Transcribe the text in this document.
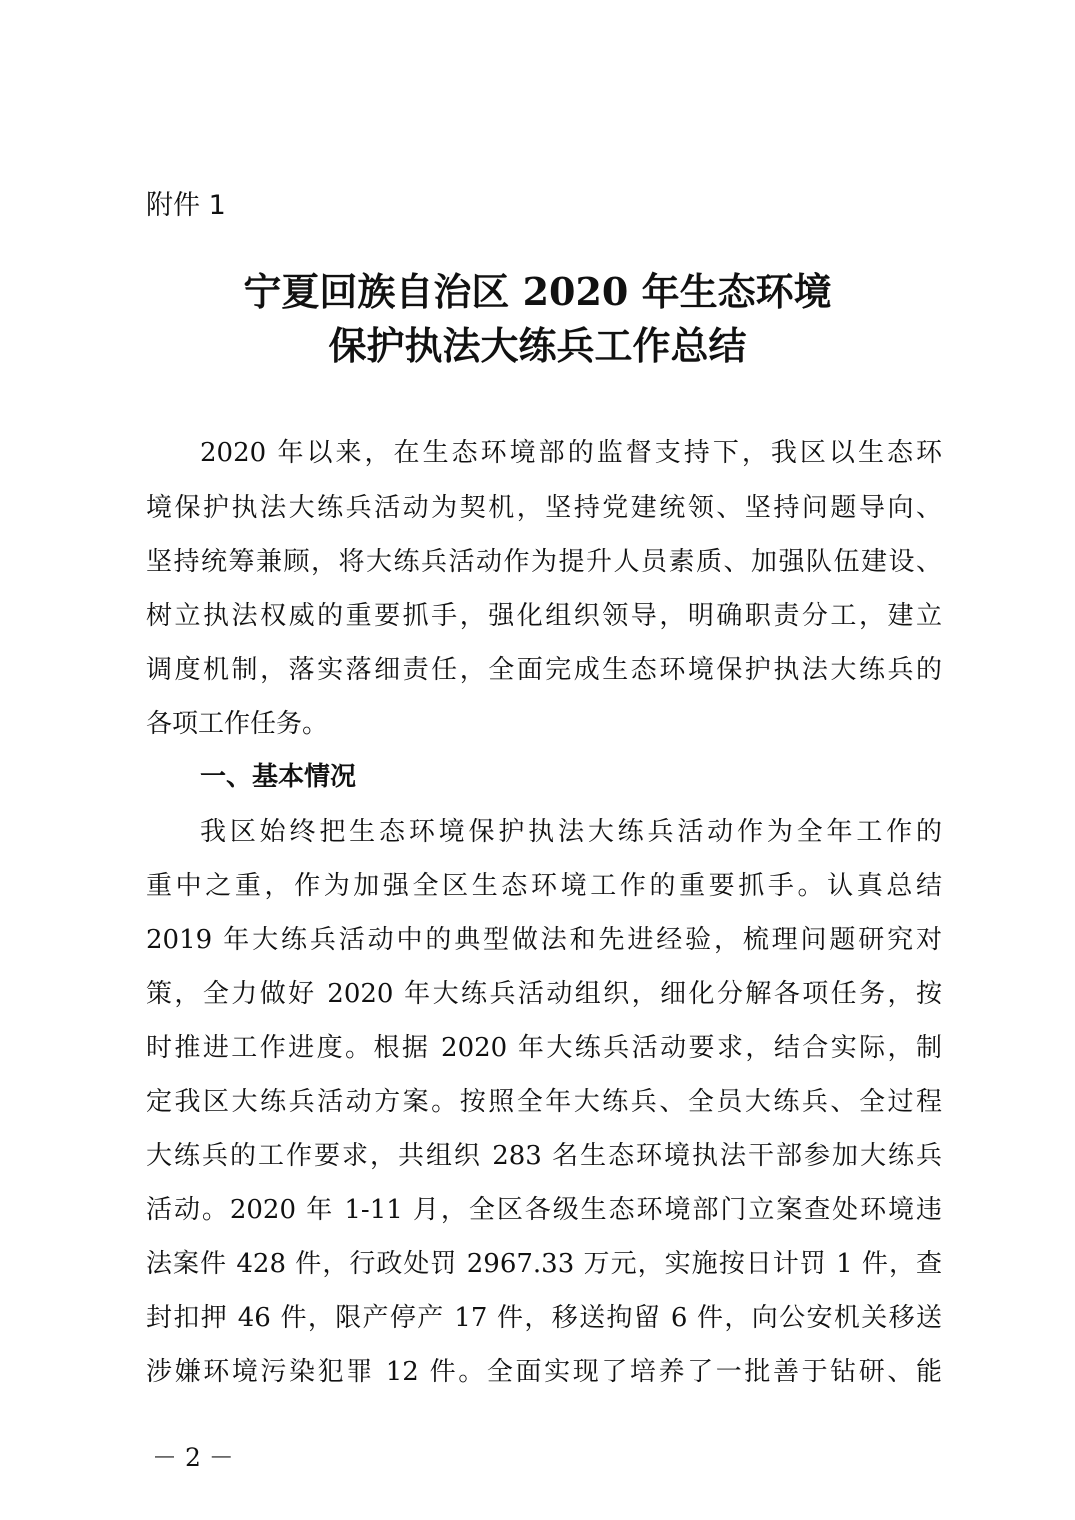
附件 1
宁夏回族自治区 2020 年生态环境
保护执法大练兵工作总结
2020 年以来，在生态环境部的监督支持下，我区以生态环
境保护执法大练兵活动为契机，坚持党建统领、坚持问题导向、
坚持统筹兼顾，将大练兵活动作为提升人员素质、加强队伍建设、
树立执法权威的重要抓手，强化组织领导，明确职责分工，建立
调度机制，落实落细责任，全面完成生态环境保护执法大练兵的
各项工作任务。
一、基本情况
我区始终把生态环境保护执法大练兵活动作为全年工作的
重中之重，作为加强全区生态环境工作的重要抓手。认真总结
2019 年大练兵活动中的典型做法和先进经验，梳理问题研究对
策，全力做好 2020 年大练兵活动组织，细化分解各项任务，按
时推进工作进度。根据 2020 年大练兵活动要求，结合实际，制
定我区大练兵活动方案。按照全年大练兵、全员大练兵、全过程
大练兵的工作要求，共组织 283 名生态环境执法干部参加大练兵
活动。2020 年 1-11 月，全区各级生态环境部门立案查处环境违
法案件 428 件，行政处罚 2967.33 万元，实施按日计罚 1 件，查
封扣押 46 件，限产停产 17 件，移送拘留 6 件，向公安机关移送
涉嫌环境污染犯罪 12 件。全面实现了培养了一批善于钻研、能
－ 2 －
